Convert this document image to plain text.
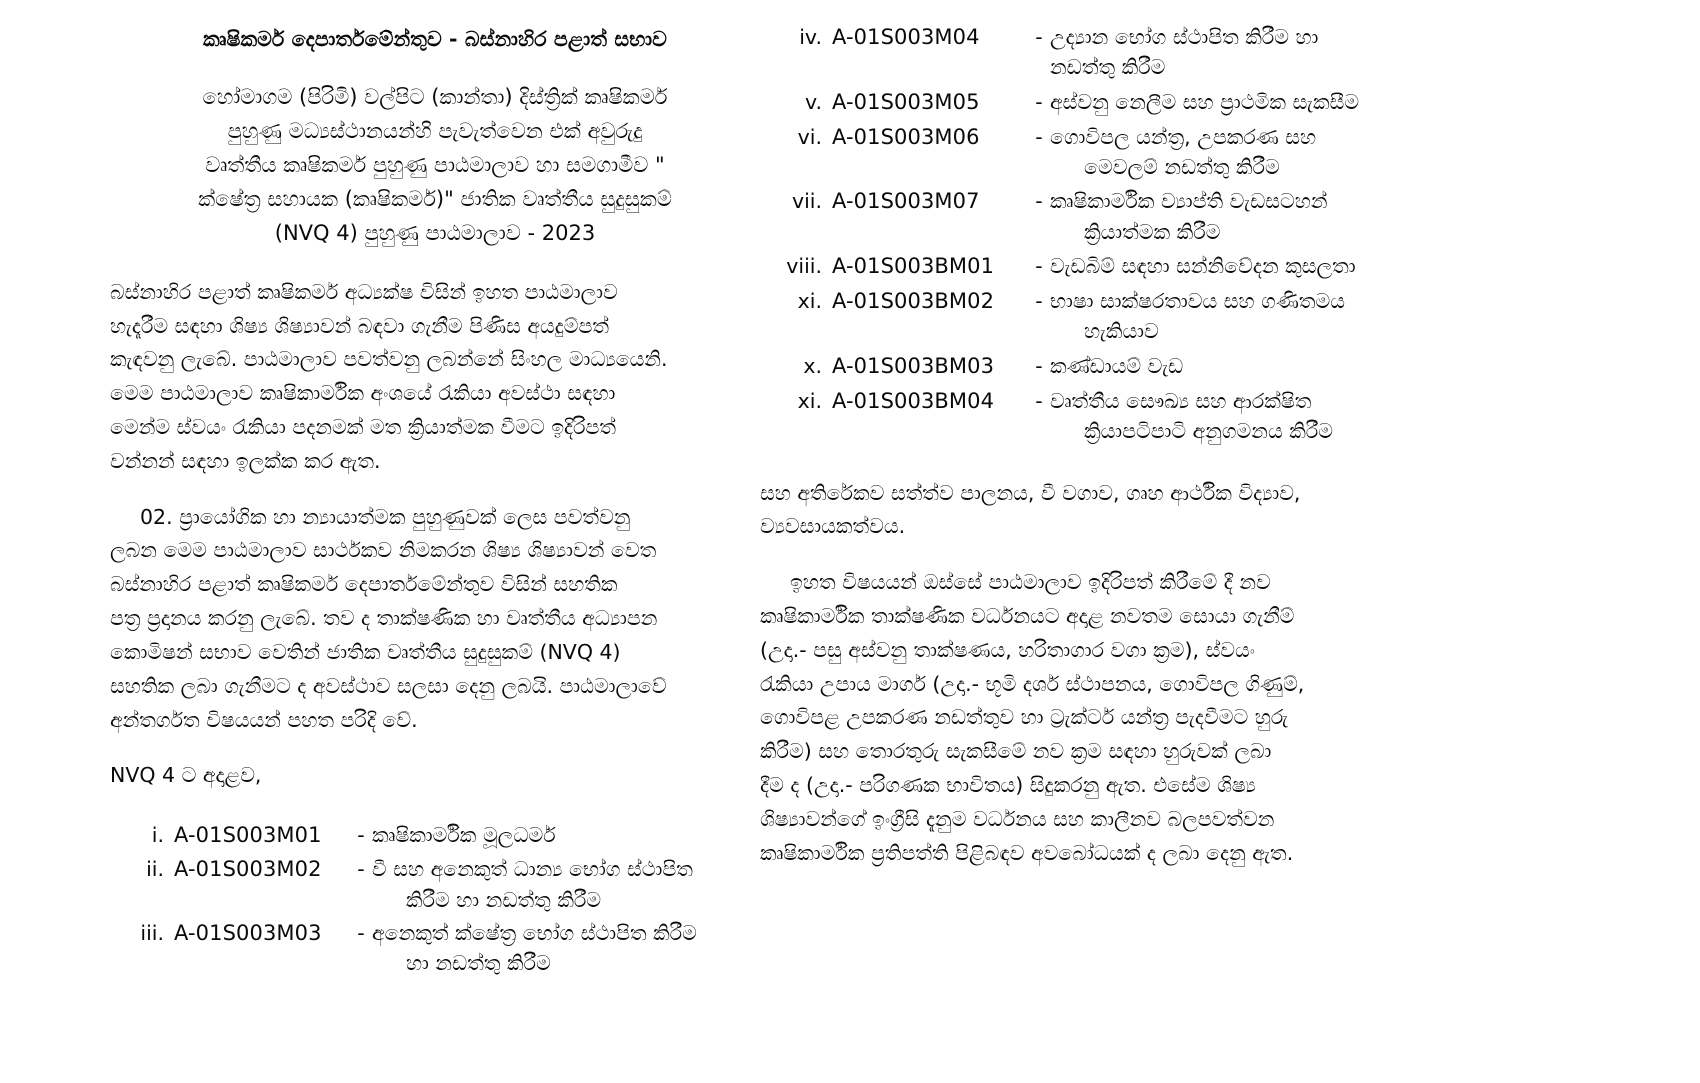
කෘෂිකර්ම දෙපාර්තමේන්තුව - බස්නාහිර පළාත් සභාව
හෝමාගම (පිරිමි) වල්පිට (කාන්තා) දිස්ත්‍රික් කෘෂිකර්ම
පුහුණු මධ්‍යස්ථානයන්හි පැවැත්වෙන එක් අවුරුදු
වෘත්තීය කෘෂිකර්ම පුහුණු පාඨමාලාව හා සමගාමීව "
ක්ෂේත්‍ර සහායක (කෘෂිකර්ම)" ජාතික වෘත්තීය සුදුසුකම්
(NVQ 4) පුහුණු පාඨමාලාව - 2023
බස්නාහිර පළාත් කෘෂිකර්ම අධ්‍යක්ෂ විසින් ඉහත පාඨමාලාව
හැදෑරීම සඳහා ශිෂ්‍ය ශිෂ්‍යාවන් බඳවා ගැනීම පිණිස අයදුම්පත්
කැඳවනු ලැබේ. පාඨමාලාව පවත්වනු ලබන්නේ සිංහල මාධ්‍යයෙනි.
මෙම පාඨමාලාව කෘෂිකාර්මික අංශයේ රැකියා අවස්ථා සඳහා
මෙන්ම ස්වයං රැකියා පදනමක් මත ක්‍රියාත්මක වීමට ඉදිරිපත්
වන්නන් සඳහා ඉලක්ක කර ඇත.
02. ප්‍රායෝගික හා න්‍යායාත්මක පුහුණුවක් ලෙස පවත්වනු
ලබන මෙම පාඨමාලාව සාර්ථකව නිමකරන ශිෂ්‍ය ශිෂ්‍යාවන් වෙත
බස්නාහිර පළාත් කෘෂිකර්ම දෙපාර්තමේන්තුව විසින් සහතික
පත්‍ර ප්‍රදානය කරනු ලැබේ. තව ද තාක්ෂණික හා වෘත්තීය අධ්‍යාපන
කොමිෂන් සභාව වෙතින් ජාතික වෘත්තීය සුදුසුකම් (NVQ 4)
සහතික ලබා ගැනීමට ද අවස්ථාව සලසා දෙනු ලබයි. පාඨමාලාවේ
අන්තර්ගත විෂයයන් පහත පරිදි වේ.
NVQ 4 ට අදාළව,
i. A-01S003M01	- කෘෂිකාර්මික මූලධර්ම
ii. A-01S003M02	- වී සහ අනෙකුත් ධාන්‍ය භෝග ස්ථාපිත
කිරීම හා නඩත්තු කිරීම
iii. A-01S003M03	- අනෙකුත් ක්ෂේත්‍ර භෝග ස්ථාපිත කිරීම
හා නඩත්තු කිරීම
iv. A-01S003M04	- උද්‍යාන භෝග ස්ථාපිත කිරීම හා
නඩත්තු කිරීම
v. A-01S003M05	- අස්වනු නෙලීම සහ ප්‍රාථමික සැකසීම
vi. A-01S003M06	- ගොවිපල යන්ත්‍ර, උපකරණ සහ
මෙවලම් නඩත්තු කිරීම
vii. A-01S003M07	- කෘෂිකාර්මික ව්‍යාප්ති වැඩසටහන්
ක්‍රියාත්මක කිරීම
viii. A-01S003BM01	- වැඩබිම් සඳහා සන්නිවේදන කුසලතා
xi. A-01S003BM02	- භාෂා සාක්ෂරතාවය සහ ගණිතමය
හැකියාව
x. A-01S003BM03	- කණ්ඩායම් වැඩ
xi. A-01S003BM04	- වෘත්තීය සෞඛ්‍ය සහ ආරක්ෂිත
ක්‍රියාපටිපාටි අනුගමනය කිරීම
සහ අතිරේකව සත්ත්ව පාලනය, වී වගාව, ගෘහ ආර්ථික විද්‍යාව,
ව්‍යවසායකත්වය.
ඉහත විෂයයන් ඔස්සේ පාඨමාලාව ඉදිරිපත් කිරීමේ දී නව
කෘෂිකාර්මික තාක්ෂණික වර්ධනයට අදාළ නවතම සොයා ගැනීම්
(උදා.- පසු අස්වනු තාක්ෂණය, හරිතාගාර වගා ක්‍රම), ස්වයං
රැකියා උපාය මාර්ග (උදා.- භූමි දර්ශ ස්ථාපනය, ගොවිපල ගිණුම්,
ගොවිපළ උපකරණ නඩත්තුව හා ට්‍රැක්ටර් යන්ත්‍ර පැදවීමට හුරු
කිරීම) සහ තොරතුරු සැකසීමේ නව ක්‍රම සඳහා හුරුවක් ලබා
දීම ද (උදා.- පරිගණක භාවිතය) සිදුකරනු ඇත. එසේම ශිෂ්‍ය
ශිෂ්‍යාවන්ගේ ඉංග්‍රීසි දැනුම වර්ධනය සහ කාලීනව බලපවත්වන
කෘෂිකාර්මික ප්‍රතිපත්ති පිළිබඳව අවබෝධයක් ද ලබා දෙනු ඇත.
